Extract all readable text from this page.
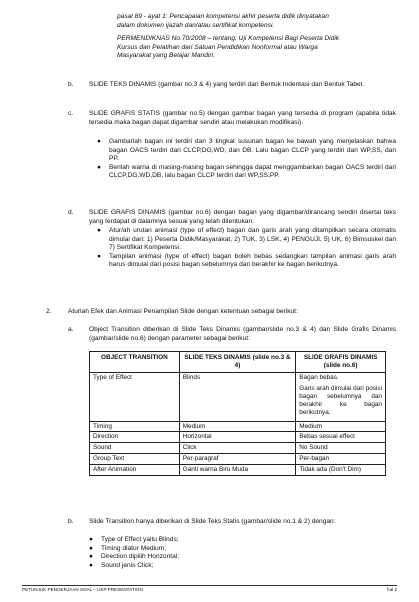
pasal 89 - ayat 1: Pencapaian kompetensi akhir peserta didik dinyatakan

dalam dokumen ijazah dan/atau sertifikat kompetensi.

PERMENDIKNAS No.70/2008 – tentang: Uji Kompetensi Bagi Peserta Didik

Kursus dan Pelatihan dari Satuan Pendidikan Nonformal atau Warga

Masyarakat yang Belajar Mandiri.

b. SLIDE TEKS DINAMIS (gambar no.3 & 4) yang terdiri dari Bentuk Indentasi dan Bentuk Tabel.

c. SLIDE GRAFIS STATIS (gambar no.5) dengan gambar bagan yang tersedia di program (apabila tidak tersedia maka bagan dapat digambar sendiri atau melakukan modifikasi).

● Gambarlah bagan ini terdiri dari 3 tingkat susunan bagan ke bawah yang menjelaskan bahwa bagan OACS terdiri dari CLCP,DG,WD, dan DB. Lalu bagan CLCP yang terdiri dari WP,SS, dan PP.

● Berilah warna di masing-masing bagan sehingga dapat menggambarkan bagan OACS terdiri dari CLCP,DG,WD,DB, lalu bagan CLCP terdiri dari WP,SS,PP.

d. SLIDE GRAFIS DINAMIS (gambar no.6) dengan bagan yang digambar/dirancang sendiri disertai teks yang terdapat di dalamnya sesuai yang telah ditentukan.

● Atur/ah urutan animasi (type of effect) bagan dan garis arah yang ditampilkan secara otomatis dimulai dari: 1) Peserta Didik/Masyarakat, 2) TUK, 3) LSK, 4) PENGUJI, 5) UK, 6) Bimsuskel dan 7) Sertifikat Kompetensi.

● Tampilan animasi (type of effect) bagan boleh bebas sedangkan tampilan animasi garis arah harus dimulai dari posisi bagan sebelumnya dan berakhir ke bagan berikutnya.

2.	Aturlah Efek dan Animasi Penampilan Slide dengan ketentuan sebagai berikut:

a. Object Transition diberikan di Slide Teks Dinamis (gambar/slide no.3 & 4) dan Slide Grafis Dinamis (gambar/slide no.6) dengan parameter sebagai berikut:

OBJECT TRANSITION	SLIDE TEKS DINAMIS (slide no.3 & 4)	SLIDE GRAFIS DINAMIS (slide no.6)
Type of Effect	Blinds	Bagan bebas.

Garis arah dimulai dari posisi bagan sebelumnya dan berakhir ke bagan berikutnya.

Timing	Medium	Medium
Direction	Horizontal	Bebas sesuai effect
Sound	Click	No Sound
Group Text	Per-paragraf	Per-bagan
After Animation	Ganti warna Biru Muda	Tidak ada (Don't Dim)
b. Slide Transition hanya diberikan di Slide Teks Statis (gambar/slide no.1 & 2) dengan:

● Type of Effect yaitu Blinds;

● Timing diatur Medium;

● Direction dipilih Horizontal;

● Sound jenis Click;

PETUNJUK PENGERJAAN SOAL – UKP PRESENTATION	hal 2
